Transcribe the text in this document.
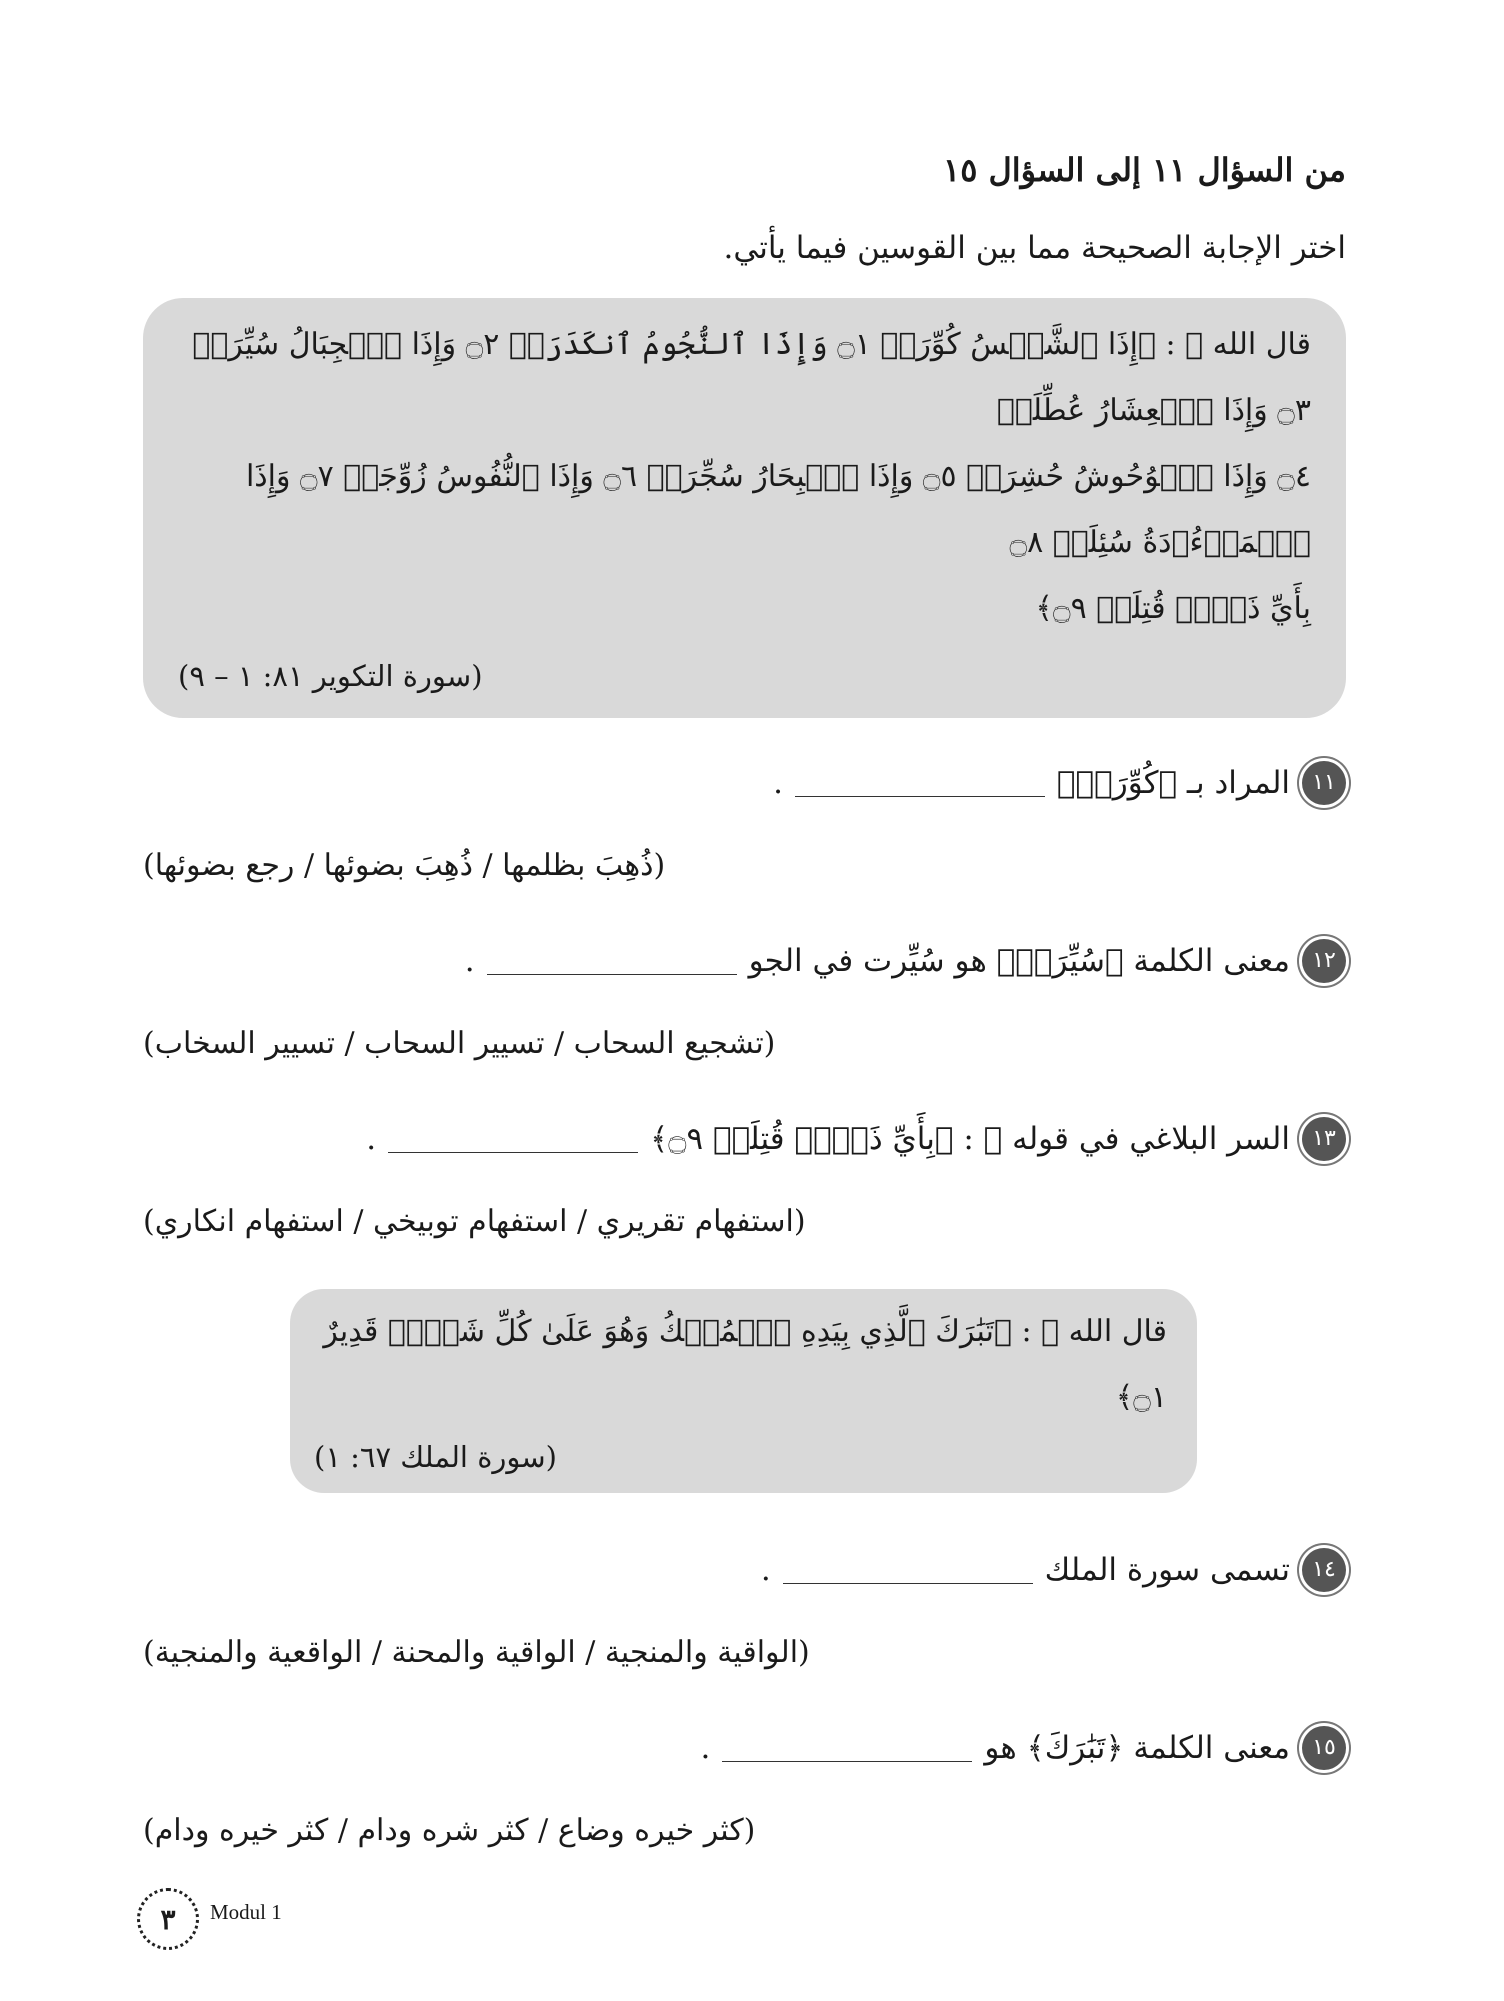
من السؤال ١١ إلى السؤال ١٥
اختر الإجابة الصحيحة مما بين القوسين فيما يأتي.
قال الله ﷻ : ﴿إِذَا ٱلشَّمۡسُ كُوِّرَتۡ ۝١ وَإِذَا ٱلنُّجُومُ ٱنكَدَرَتۡ ۝٢ وَإِذَا ٱلۡجِبَالُ سُيِّرَتۡ ۝٣ وَإِذَا ٱلۡعِشَارُ عُطِّلَتۡ
۝٤ وَإِذَا ٱلۡوُحُوشُ حُشِرَتۡ ۝٥ وَإِذَا ٱلۡبِحَارُ سُجِّرَتۡ ۝٦ وَإِذَا ٱلنُّفُوسُ زُوِّجَتۡ ۝٧ وَإِذَا ٱلۡمَوۡءُۥدَةُ سُئِلَتۡ ۝٨
بِأَيِّ ذَنۢبٖ قُتِلَتۡ ۝٩﴾
(سورة التكوير ٨١: ١ – ٩)
١١
المراد بـ ﴿كُوِّرَتۡ﴾
.
(ذُهِبَ بظلمها / ذُهِبَ بضوئها / رجع بضوئها)
١٢
معنى الكلمة ﴿سُيِّرَتۡ﴾ هو سُيِّرت في الجو
.
(تشجيع السحاب / تسيير السحاب / تسيير السخاب)
١٣
السر البلاغي في قوله ﷻ : ﴿بِأَيِّ ذَنۢبٖ قُتِلَتۡ ۝٩﴾
.
(استفهام تقريري / استفهام توبيخي / استفهام انكاري)
قال الله ﷻ : ﴿تَبَٰرَكَ ٱلَّذِي بِيَدِهِ ٱلۡمُلۡكُ وَهُوَ عَلَىٰ كُلِّ شَيۡءٖ قَدِيرٌ ۝١﴾
(سورة الملك ٦٧: ١)
١٤
تسمى سورة الملك
.
(الواقية والمنجية / الواقية والمحنة / الواقعية والمنجية)
١٥
معنى الكلمة ﴿تَبَٰرَكَ﴾ هو
.
(كثر خيره وضاع / كثر شره ودام / كثر خيره ودام)
٣	Modul 1
